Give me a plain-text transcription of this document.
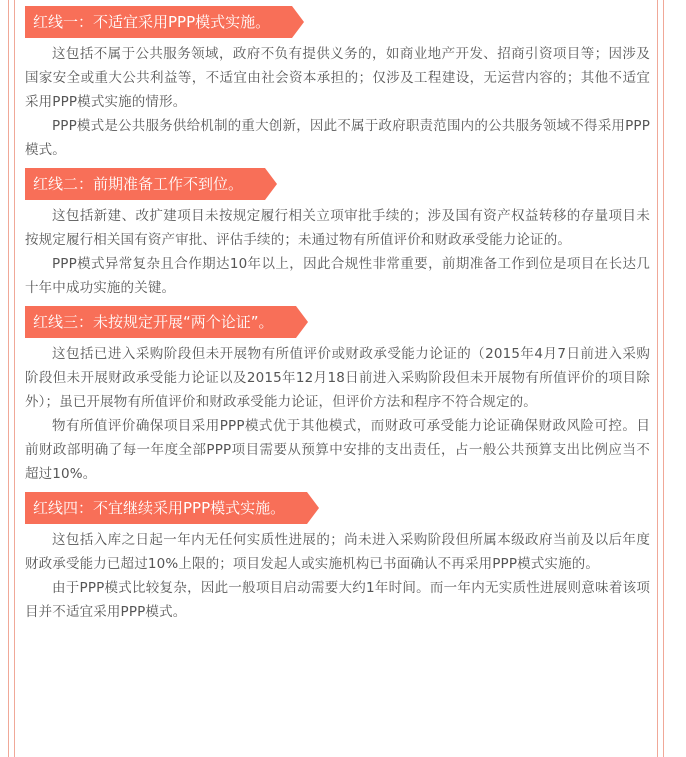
红线一：不适宜采用PPP模式实施。

这包括不属于公共服务领域，政府不负有提供义务的，如商业地产开发、招商引资项目等；因涉及国家安全或重大公共利益等，不适宜由社会资本承担的；仅涉及工程建设，无运营内容的；其他不适宜采用PPP模式实施的情形。

PPP模式是公共服务供给机制的重大创新，因此不属于政府职责范围内的公共服务领域不得采用PPP模式。

红线二：前期准备工作不到位。

这包括新建、改扩建项目未按规定履行相关立项审批手续的；涉及国有资产权益转移的存量项目未按规定履行相关国有资产审批、评估手续的；未通过物有所值评价和财政承受能力论证的。

PPP模式异常复杂且合作期达10年以上，因此合规性非常重要，前期准备工作到位是项目在长达几十年中成功实施的关键。

红线三：未按规定开展“两个论证”。

这包括已进入采购阶段但未开展物有所值评价或财政承受能力论证的（2015年4月7日前进入采购阶段但未开展财政承受能力论证以及2015年12月18日前进入采购阶段但未开展物有所值评价的项目除外）；虽已开展物有所值评价和财政承受能力论证，但评价方法和程序不符合规定的。

物有所值评价确保项目采用PPP模式优于其他模式，而财政可承受能力论证确保财政风险可控。目前财政部明确了每一年度全部PPP项目需要从预算中安排的支出责任，占一般公共预算支出比例应当不超过10%。

红线四：不宜继续采用PPP模式实施。

这包括入库之日起一年内无任何实质性进展的；尚未进入采购阶段但所属本级政府当前及以后年度财政承受能力已超过10%上限的；项目发起人或实施机构已书面确认不再采用PPP模式实施的。

由于PPP模式比较复杂，因此一般项目启动需要大约1年时间。而一年内无实质性进展则意味着该项目并不适宜采用PPP模式。
